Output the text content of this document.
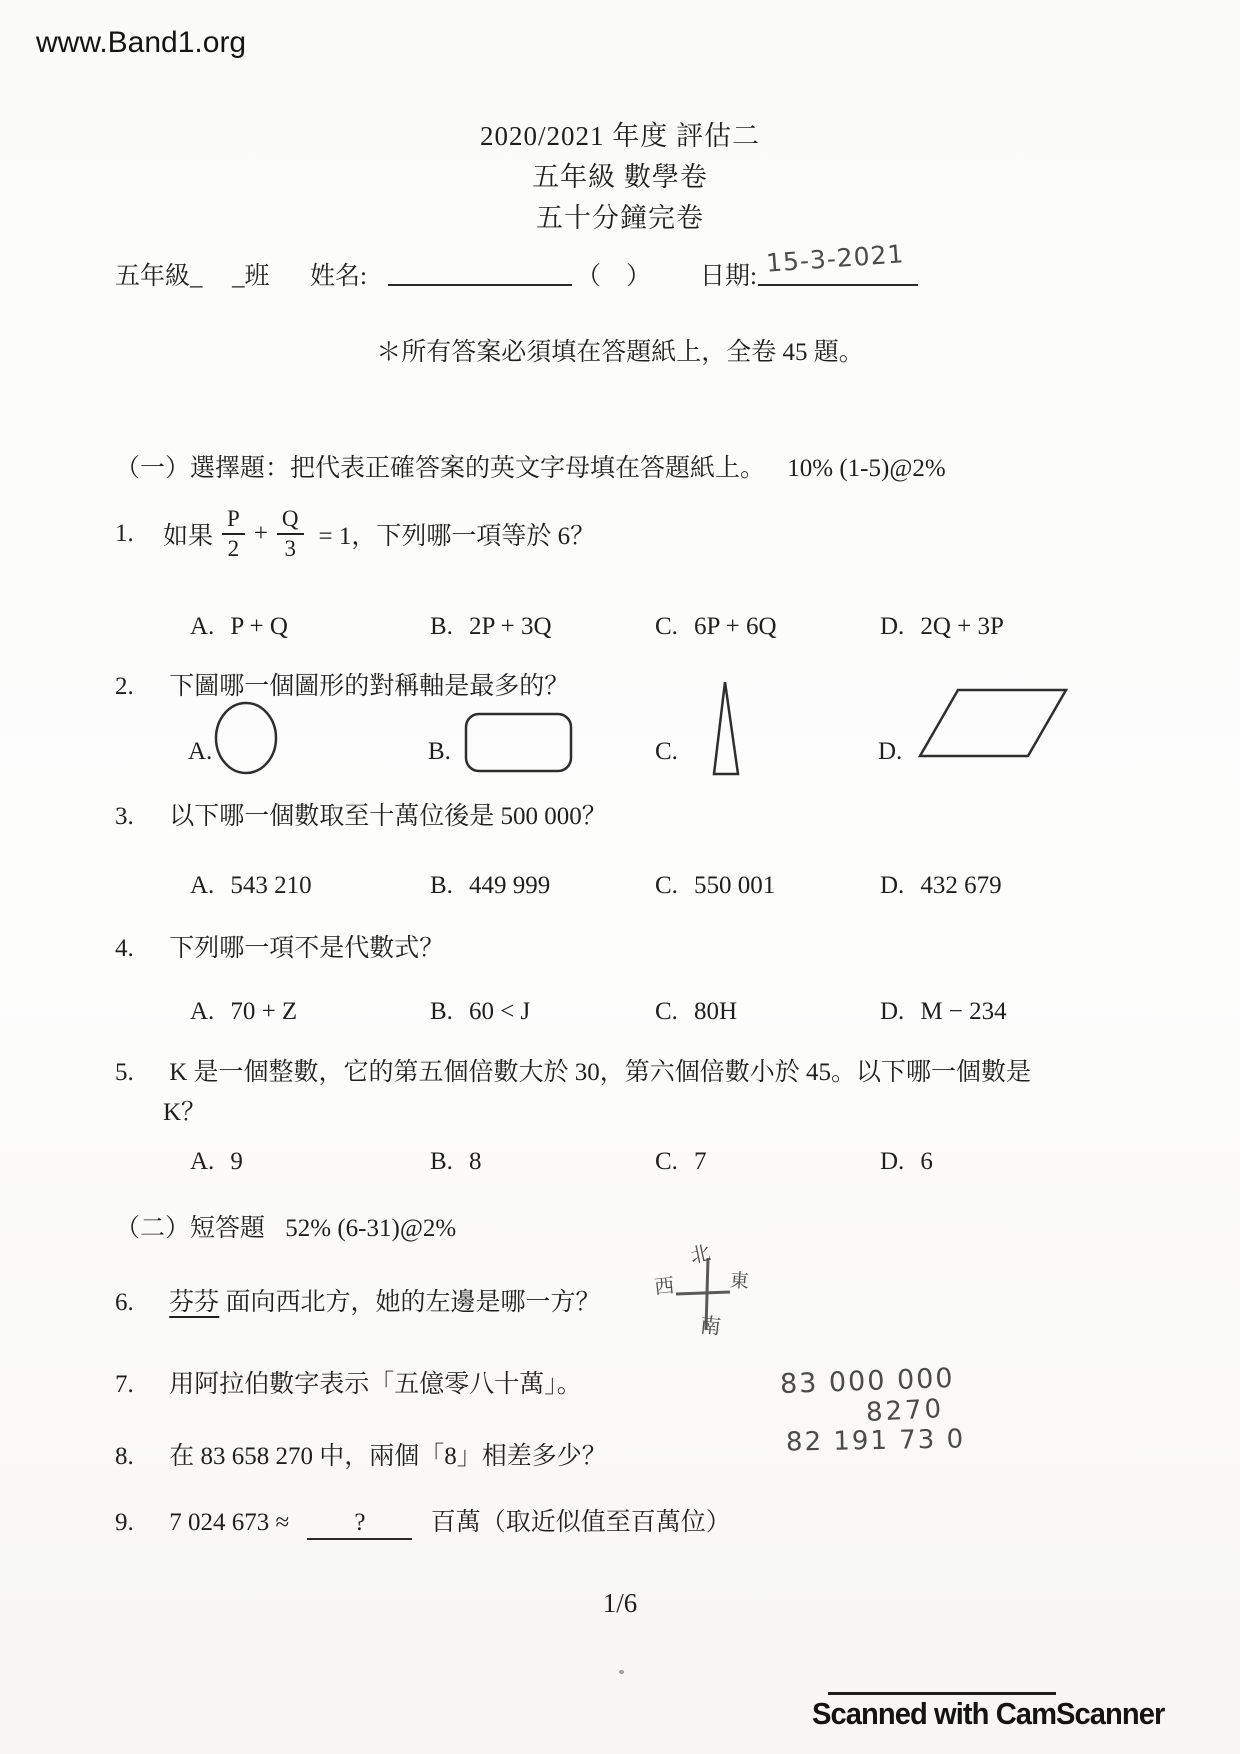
www.Band1.org
2020/2021 年度 評估二
五年級 數學卷
五十分鐘完卷
五年級_ _班 姓名:	（ ） 日期: 15-3-2021
＊所有答案必須填在答題紙上，全卷 45 題。
（一）選擇題：把代表正確答案的英文字母填在答題紙上。 10% (1-5)@2%
1.	如果 $\frac{P}{2} + \frac{Q}{3} = 1$，下列哪一項等於 6？
A. P + Q	B. 2P + 3Q	C. 6P + 6Q	D. 2Q + 3P
2. 下圖哪一個圖形的對稱軸是最多的？
A.	B.	C.	D.
3. 以下哪一個數取至十萬位後是 500 000？
A. 543 210	B. 449 999	C. 550 001	D. 432 679
4. 下列哪一項不是代數式？
A. 70 + Z	B. 60 < J	C. 80H	D. M − 234
5. K 是一個整數，它的第五個倍數大於 30，第六個倍數小於 45。以下哪一個數是
K？
A. 9	B. 8	C. 7	D. 6
（二）短答題 52% (6-31)@2%
6. 芬芬 面向西北方，她的左邊是哪一方？
北
西	東
南
7. 用阿拉伯數字表示「五億零八十萬」。	83 000 000
8270
82 191 73 0
8. 在 83 658 270 中，兩個「8」相差多少？
9. 7 024 673 ≈	?	百萬（取近似值至百萬位）
1/6
Scanned with CamScanner
